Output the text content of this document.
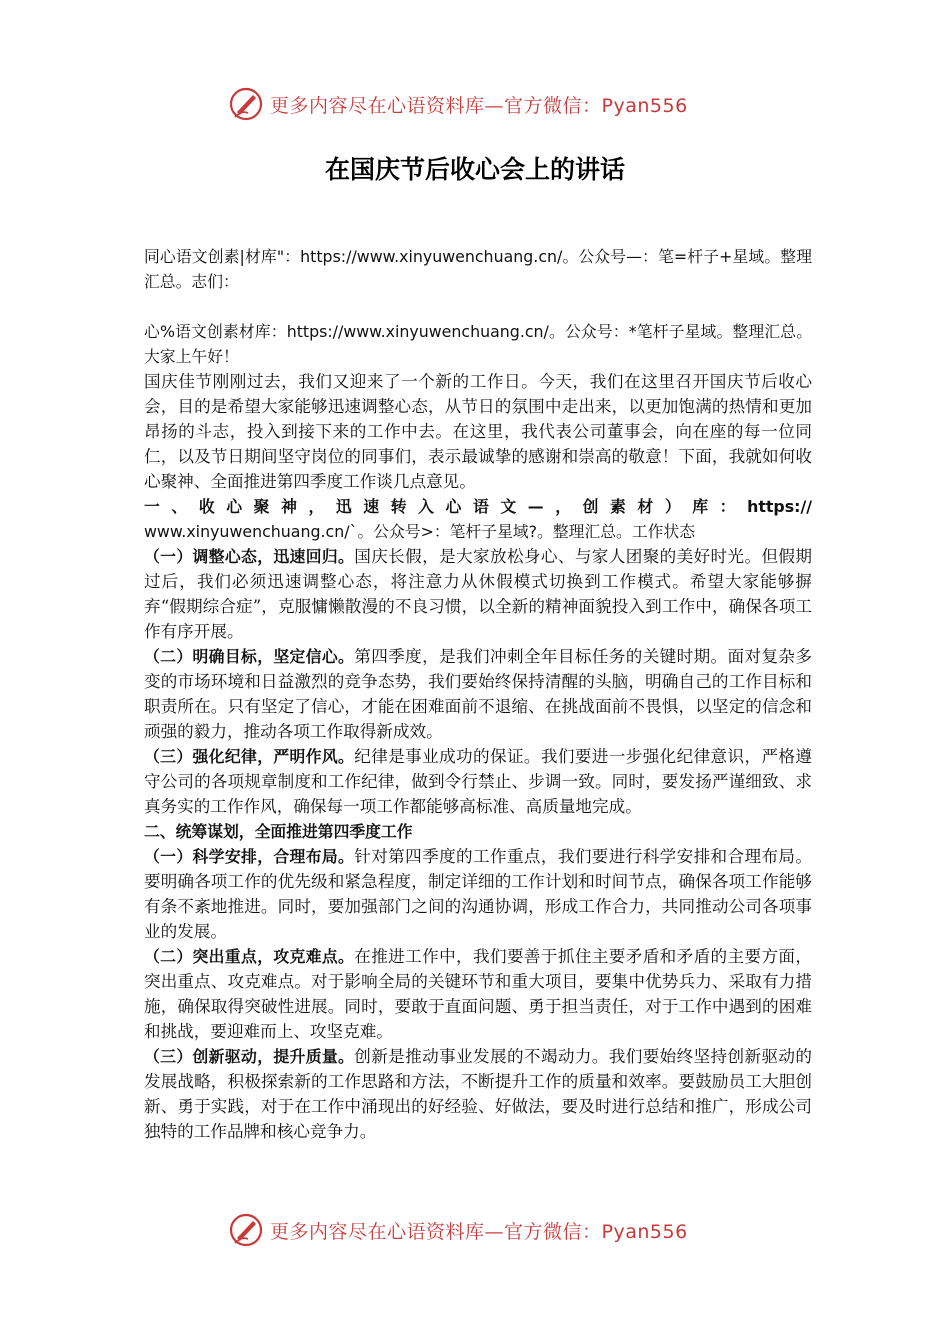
更多内容尽在心语资料库—官方微信：Pyan556
在国庆节后收心会上的讲话

同心语文创素|材库"：https://www.xinyuwenchuang.cn/。公众号—：笔=杆子+星域。整理汇总。志们：

心%语文创素材库：https://www.xinyuwenchuang.cn/。公众号：*笔杆子星域。整理汇总。大家上午好！

国庆佳节刚刚过去，我们又迎来了一个新的工作日。今天，我们在这里召开国庆节后收心会，目的是希望大家能够迅速调整心态，从节日的氛围中走出来，以更加饱满的热情和更加昂扬的斗志，投入到接下来的工作中去。在这里，我代表公司董事会，向在座的每一位同仁，以及节日期间坚守岗位的同事们，表示最诚挚的感谢和崇高的敬意！下面，我就如何收心聚神、全面推进第四季度工作谈几点意见。

一、收心聚神，迅速转入心语文—，创素材）库：https://

www.xinyuwenchuang.cn/`。公众号>：笔杆子星域?。整理汇总。工作状态

（一）调整心态，迅速回归。国庆长假，是大家放松身心、与家人团聚的美好时光。但假期过后，我们必须迅速调整心态，将注意力从休假模式切换到工作模式。希望大家能够摒弃“假期综合症”，克服慵懒散漫的不良习惯，以全新的精神面貌投入到工作中，确保各项工作有序开展。

（二）明确目标，坚定信心。第四季度，是我们冲刺全年目标任务的关键时期。面对复杂多变的市场环境和日益激烈的竞争态势，我们要始终保持清醒的头脑，明确自己的工作目标和职责所在。只有坚定了信心，才能在困难面前不退缩、在挑战面前不畏惧，以坚定的信念和顽强的毅力，推动各项工作取得新成效。

（三）强化纪律，严明作风。纪律是事业成功的保证。我们要进一步强化纪律意识，严格遵守公司的各项规章制度和工作纪律，做到令行禁止、步调一致。同时，要发扬严谨细致、求真务实的工作作风，确保每一项工作都能够高标准、高质量地完成。

二、统筹谋划，全面推进第四季度工作

（一）科学安排，合理布局。针对第四季度的工作重点，我们要进行科学安排和合理布局。要明确各项工作的优先级和紧急程度，制定详细的工作计划和时间节点，确保各项工作能够有条不紊地推进。同时，要加强部门之间的沟通协调，形成工作合力，共同推动公司各项事业的发展。

（二）突出重点，攻克难点。在推进工作中，我们要善于抓住主要矛盾和矛盾的主要方面，突出重点、攻克难点。对于影响全局的关键环节和重大项目，要集中优势兵力、采取有力措施，确保取得突破性进展。同时，要敢于直面问题、勇于担当责任，对于工作中遇到的困难和挑战，要迎难而上、攻坚克难。

（三）创新驱动，提升质量。创新是推动事业发展的不竭动力。我们要始终坚持创新驱动的发展战略，积极探索新的工作思路和方法，不断提升工作的质量和效率。要鼓励员工大胆创新、勇于实践，对于在工作中涌现出的好经验、好做法，要及时进行总结和推广，形成公司独特的工作品牌和核心竞争力。

更多内容尽在心语资料库—官方微信：Pyan556
